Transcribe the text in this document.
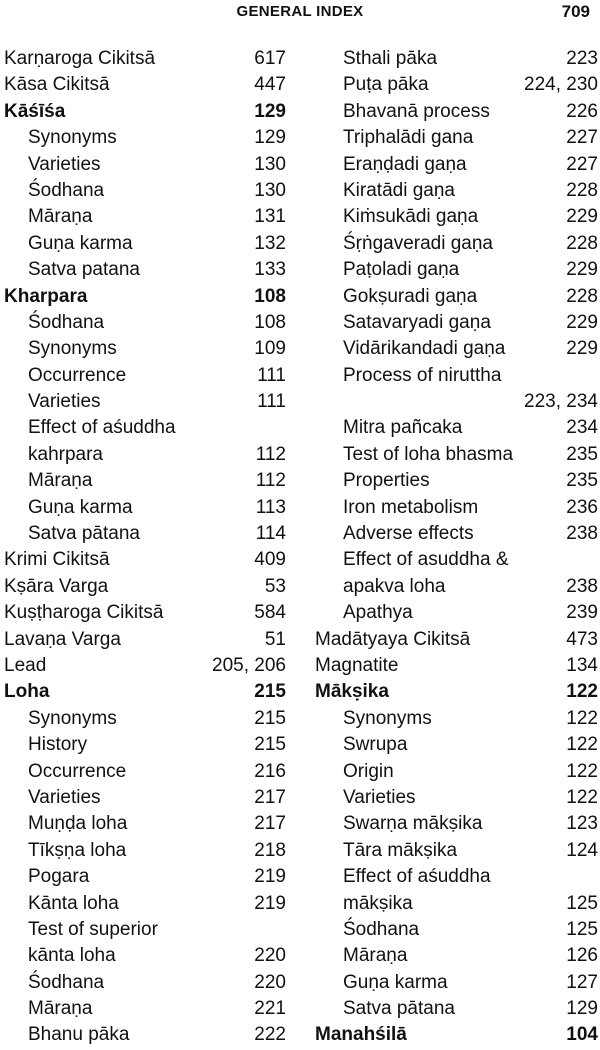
GENERAL INDEX	709
Karṇaroga Cikitsā	617
Kāsa Cikitsā	447
Kāśīśa	129
Synonyms	129
Varieties	130
Śodhana	130
Māraṇa	131
Guṇa karma	132
Satva patana	133
Kharpara	108
Śodhana	108
Synonyms	109
Occurrence	111
Varieties	111
Effect of aśuddha
kahrpara	112
Māraṇa	112
Guṇa karma	113
Satva pātana	114
Krimi Cikitsā	409
Kṣāra Varga	53
Kuṣṭharoga Cikitsā	584
Lavaṇa Varga	51
Lead	205, 206
Loha	215
Synonyms	215
History	215
Occurrence	216
Varieties	217
Muṇḍa loha	217
Tīkṣṇa loha	218
Pogara	219
Kānta loha	219
Test of superior
kānta loha	220
Śodhana	220
Māraṇa	221
Bhanu pāka	222
Sthali pāka	223
Puṭa pāka	224, 230
Bhavanā process	226
Triphalādi gana	227
Eraṇḍadi gaṇa	227
Kiratādi gaṇa	228
Kiṁsukādi gaṇa	229
Śṛṅgaveradi gaṇa	228
Paṭoladi gaṇa	229
Gokṣuradi gaṇa	228
Satavaryadi gaṇa	229
Vidārikandadi gaṇa	229
Process of niruttha
223, 234
Mitra pañcaka	234
Test of loha bhasma	235
Properties	235
Iron metabolism	236
Adverse effects	238
Effect of asuddha &
apakva loha	238
Apathya	239
Madātyaya Cikitsā	473
Magnatite	134
Mākṣika	122
Synonyms	122
Swrupa	122
Origin	122
Varieties	122
Swarṇa mākṣika	123
Tāra mākṣika	124
Effect of aśuddha
mākṣika	125
Śodhana	125
Māraṇa	126
Guṇa karma	127
Satva pātana	129
Manahśilā	104
